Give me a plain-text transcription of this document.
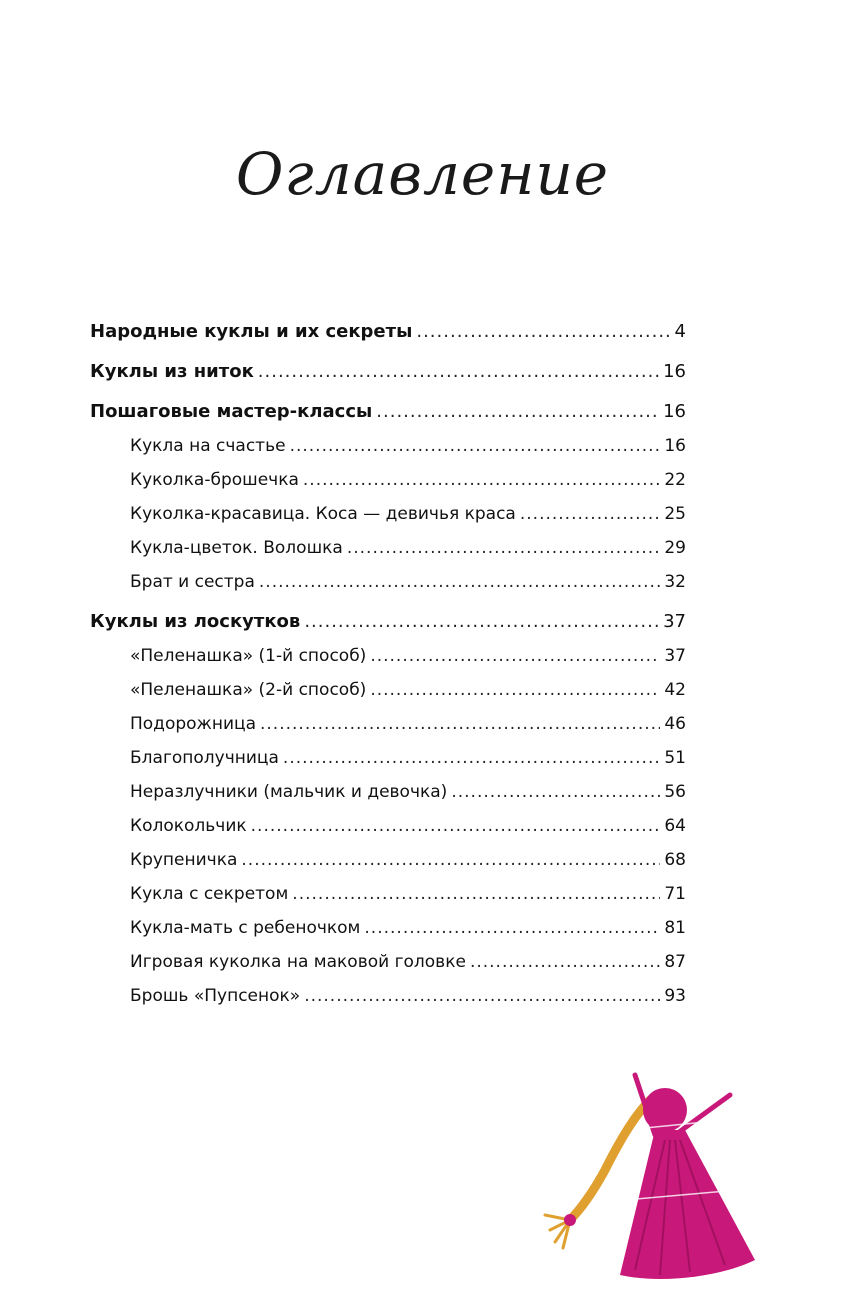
Оглавление
Народные куклы и их секреты .....	4
Куклы из ниток .....	16
Пошаговые мастер-классы .....	16
Кукла на счастье .....	16
Куколка-брошечка .....	22
Куколка-красавица. Коса — девичья краса .....	25
Кукла-цветок. Волошка .....	29
Брат и сестра .....	32
Куклы из лоскутков .....	37
«Пеленашка» (1-й способ) .....	37
«Пеленашка» (2-й способ) .....	42
Подорожница .....	46
Благополучница .....	51
Неразлучники (мальчик и девочка) .....	56
Колокольчик .....	64
Крупеничка .....	68
Кукла с секретом .....	71
Кукла-мать с ребеночком .....	81
Игровая куколка на маковой головке .....	87
Брошь «Пупсенок» .....	93
